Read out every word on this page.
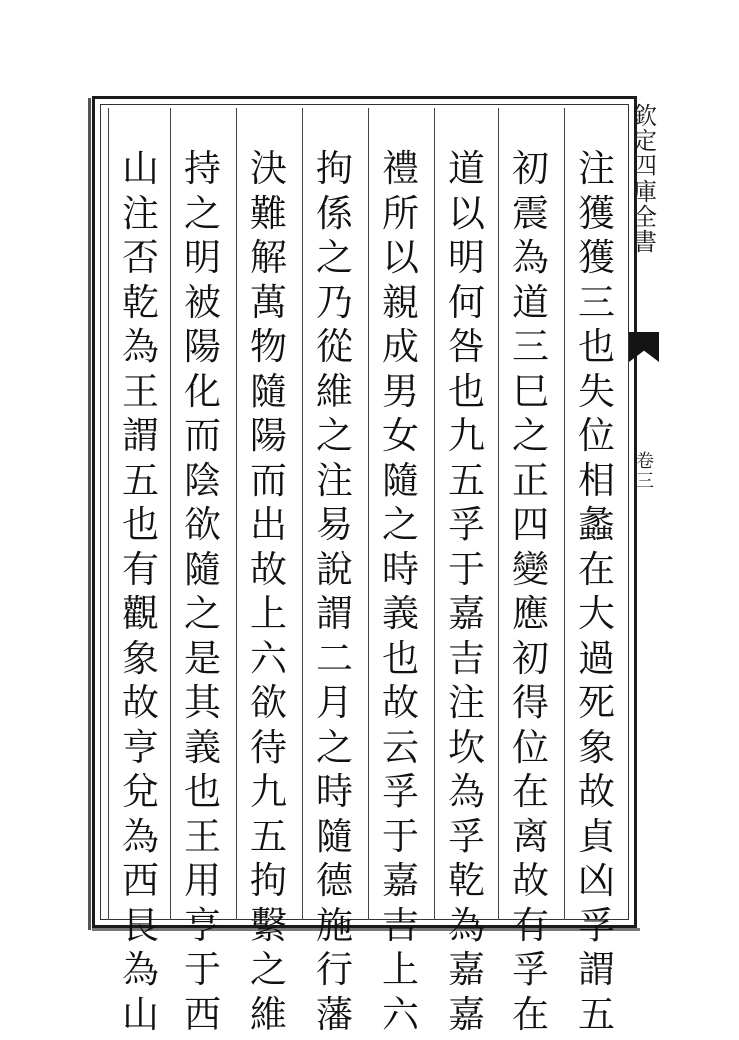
注
獲
獲
三
也
失
位
相
蠡
在
大
過
死
象
故
貞
凶
孚
謂
五
初
震
為
道
三
巳
之
正
四
變
應
初
得
位
在
离
故
有
孚
在
道
以
明
何
咎
也
九
五
孚
于
嘉
吉
注
坎
為
孚
乾
為
嘉
嘉
禮
所
以
親
成
男
女
隨
之
時
義
也
故
云
孚
于
嘉
吉
上
六
拘
係
之
乃
從
維
之
注
易
說
謂
二
月
之
時
隨
德
施
行
藩
決
難
解
萬
物
隨
陽
而
出
故
上
六
欲
待
九
五
拘
繫
之
維
持
之
明
被
陽
化
而
陰
欲
隨
之
是
其
義
也
王
用
亨
于
西
山
注
否
乾
為
王
謂
五
也
有
觀
象
故
亨
兌
為
西
艮
為
山
欽
定
四
庫
全
書
卷
三
